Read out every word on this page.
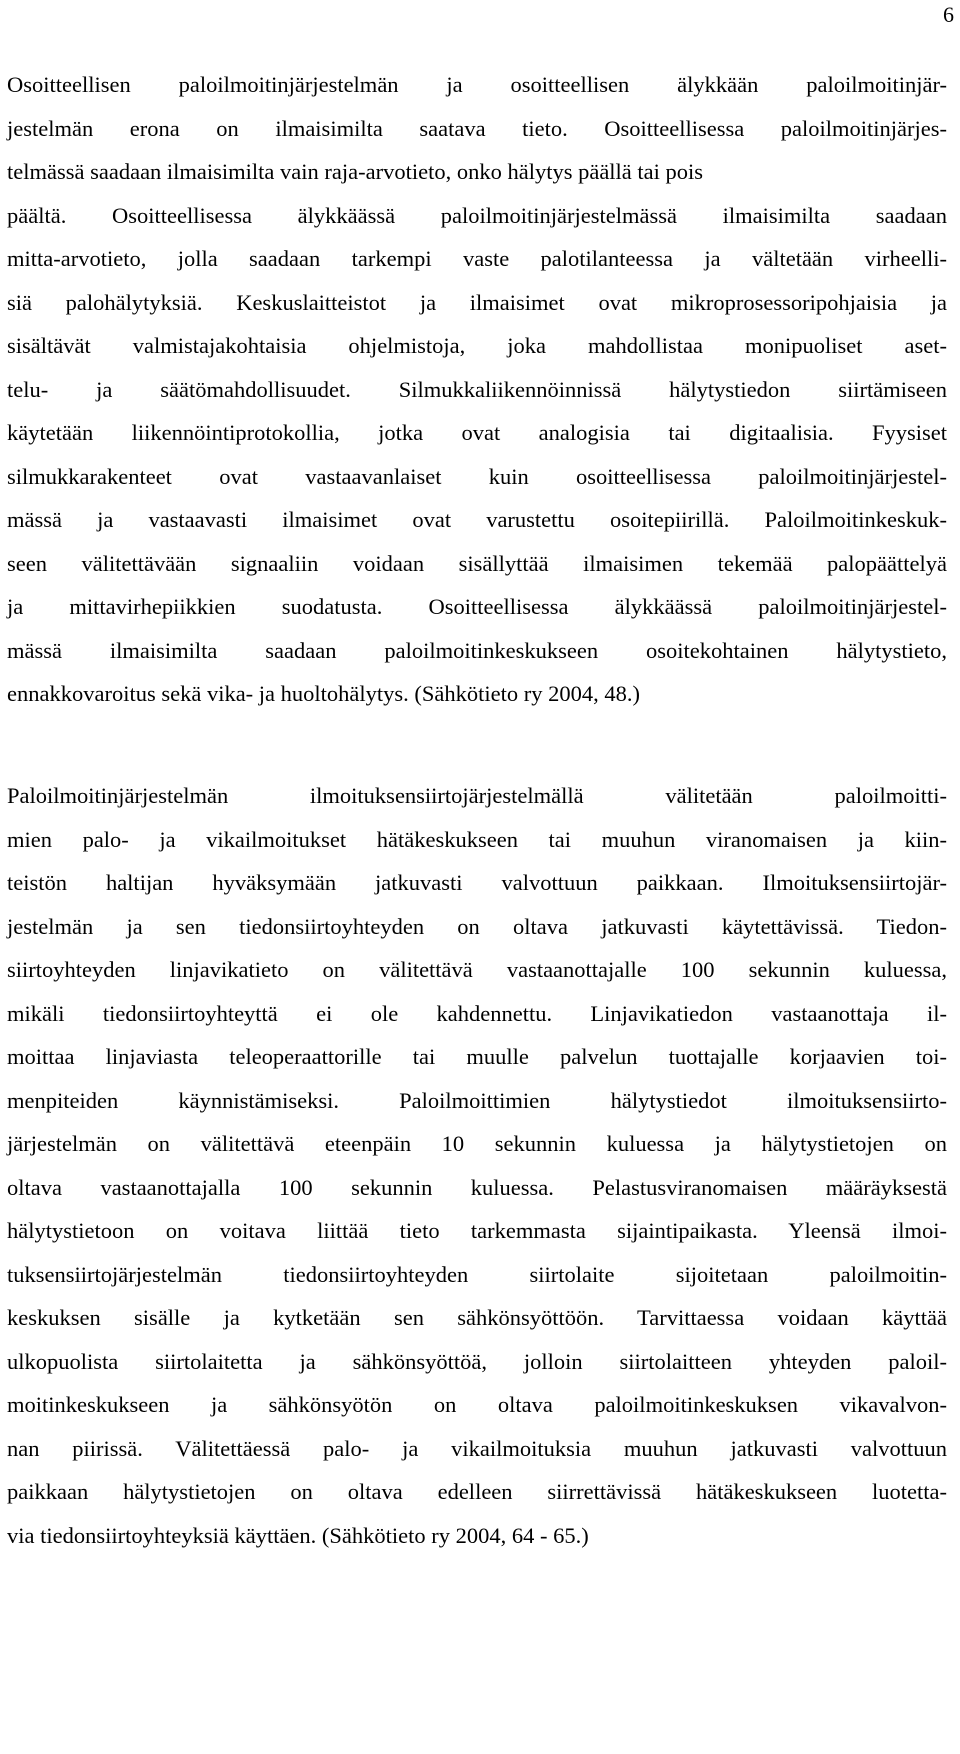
6
Osoitteellisen paloilmoitinjärjestelmän ja osoitteellisen älykkään paloilmoitinjär-
jestelmän erona on ilmaisimilta saatava tieto. Osoitteellisessa paloilmoitinjärjes-
telmässä saadaan ilmaisimilta vain raja-arvotieto, onko hälytys päällä tai pois
päältä. Osoitteellisessa älykkäässä paloilmoitinjärjestelmässä ilmaisimilta saadaan
mitta-arvotieto, jolla saadaan tarkempi vaste palotilanteessa ja vältetään virheelli-
siä palohälytyksiä. Keskuslaitteistot ja ilmaisimet ovat mikroprosessoripohjaisia ja
sisältävät valmistajakohtaisia ohjelmistoja, joka mahdollistaa monipuoliset aset-
telu- ja säätömahdollisuudet. Silmukkaliikennöinnissä hälytystiedon siirtämiseen
käytetään liikennöintiprotokollia, jotka ovat analogisia tai digitaalisia. Fyysiset
silmukkarakenteet ovat vastaavanlaiset kuin osoitteellisessa paloilmoitinjärjestel-
mässä ja vastaavasti ilmaisimet ovat varustettu osoitepiirillä. Paloilmoitinkeskuk-
seen välitettävään signaaliin voidaan sisällyttää ilmaisimen tekemää palopäättelyä
ja mittavirhepiikkien suodatusta. Osoitteellisessa älykkäässä paloilmoitinjärjestel-
mässä ilmaisimilta saadaan paloilmoitinkeskukseen osoitekohtainen hälytystieto,
ennakkovaroitus sekä vika- ja huoltohälytys. (Sähkötieto ry 2004, 48.)
Paloilmoitinjärjestelmän ilmoituksensiirtojärjestelmällä välitetään paloilmoitti-
mien palo- ja vikailmoitukset hätäkeskukseen tai muuhun viranomaisen ja kiin-
teistön haltijan hyväksymään jatkuvasti valvottuun paikkaan. Ilmoituksensiirtojär-
jestelmän ja sen tiedonsiirtoyhteyden on oltava jatkuvasti käytettävissä. Tiedon-
siirtoyhteyden linjavikatieto on välitettävä vastaanottajalle 100 sekunnin kuluessa,
mikäli tiedonsiirtoyhteyttä ei ole kahdennettu. Linjavikatiedon vastaanottaja il-
moittaa linjaviasta teleoperaattorille tai muulle palvelun tuottajalle korjaavien toi-
menpiteiden käynnistämiseksi. Paloilmoittimien hälytystiedot ilmoituksensiirto-
järjestelmän on välitettävä eteenpäin 10 sekunnin kuluessa ja hälytystietojen on
oltava vastaanottajalla 100 sekunnin kuluessa. Pelastusviranomaisen määräyksestä
hälytystietoon on voitava liittää tieto tarkemmasta sijaintipaikasta. Yleensä ilmoi-
tuksensiirtojärjestelmän tiedonsiirtoyhteyden siirtolaite sijoitetaan paloilmoitin-
keskuksen sisälle ja kytketään sen sähkönsyöttöön. Tarvittaessa voidaan käyttää
ulkopuolista siirtolaitetta ja sähkönsyöttöä, jolloin siirtolaitteen yhteyden paloil-
moitinkeskukseen ja sähkönsyötön on oltava paloilmoitinkeskuksen vikavalvon-
nan piirissä. Välitettäessä palo- ja vikailmoituksia muuhun jatkuvasti valvottuun
paikkaan hälytystietojen on oltava edelleen siirrettävissä hätäkeskukseen luotetta-
via tiedonsiirtoyhteyksiä käyttäen. (Sähkötieto ry 2004, 64 - 65.)
